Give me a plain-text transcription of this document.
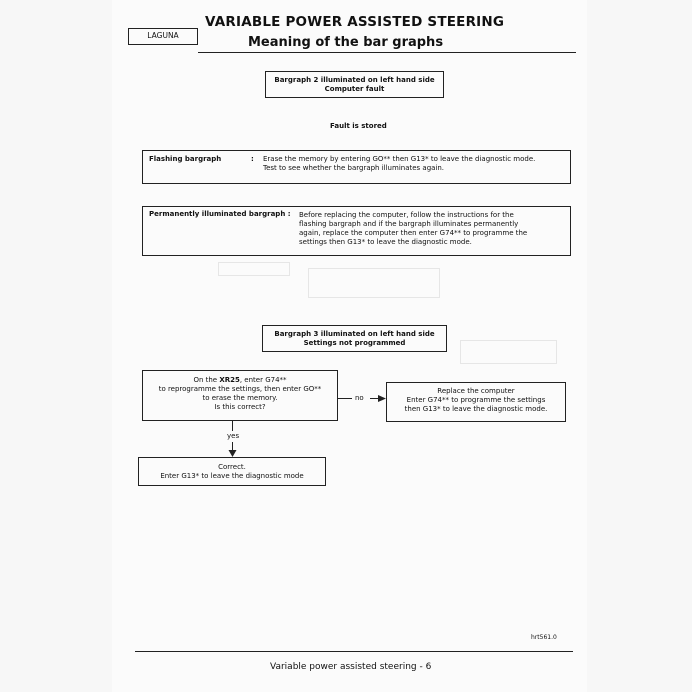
LAGUNA
VARIABLE POWER ASSISTED STEERING
Meaning of the bar graphs
Bargraph 2 illuminated on left hand side
Computer fault
Fault is stored
Flashing bargraph	: Erase the memory by entering GO** then G13* to leave the diagnostic mode.
Test to see whether the bargraph illuminates again.
Permanently illuminated bargraph : Before replacing the computer, follow the instructions for the
flashing bargraph and if the bargraph illuminates permanently
again, replace the computer then enter G74** to programme the
settings then G13* to leave the diagnostic mode.
Bargraph 3 illuminated on left hand side
Settings not programmed
On the XR25, enter G74**
to reprogramme the settings, then enter GO**
to erase the memory.
Is this correct?
no
Replace the computer
Enter G74** to programme the settings
then G13* to leave the diagnostic mode.
yes
Correct.
Enter G13* to leave the diagnostic mode
hrt561.0
Variable power assisted steering - 6
